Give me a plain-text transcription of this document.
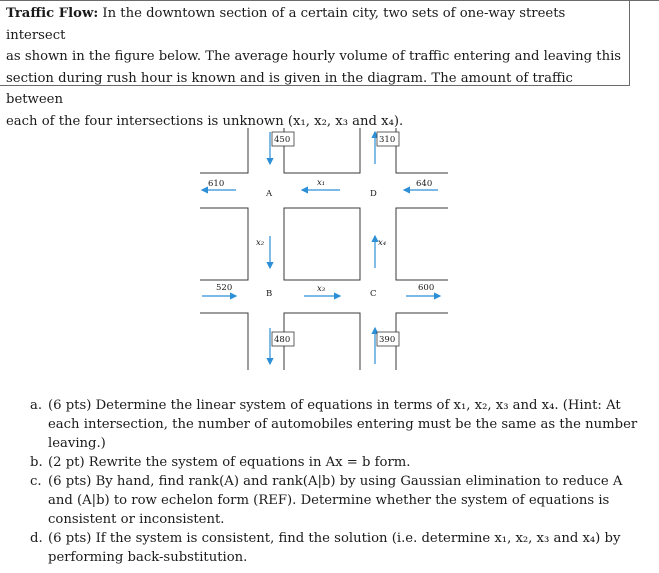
Traffic Flow: In the downtown section of a certain city, two sets of one-way streets intersect
as shown in the figure below. The average hourly volume of traffic entering and leaving this
section during rush hour is known and is given in the diagram. The amount of traffic between
each of the four intersections is unknown (x₁, x₂, x₃ and x₄).
450	310
610	640
520	600
480	390
A
B	C
D
x₁
x₂
x₃
x₄

a. (6 pts) Determine the linear system of equations in terms of x₁, x₂, x₃ and x₄. (Hint: At each intersection, the number of automobiles entering must be the same as the number leaving.)

b. (2 pt) Rewrite the system of equations in Ax = b form.

c. (6 pts) By hand, find rank(A) and rank(A|b) by using Gaussian elimination to reduce A and (A|b) to row echelon form (REF). Determine whether the system of equations is consistent or inconsistent.

d. (6 pts) If the system is consistent, find the solution (i.e. determine x₁, x₂, x₃ and x₄) by performing back-substitution.
